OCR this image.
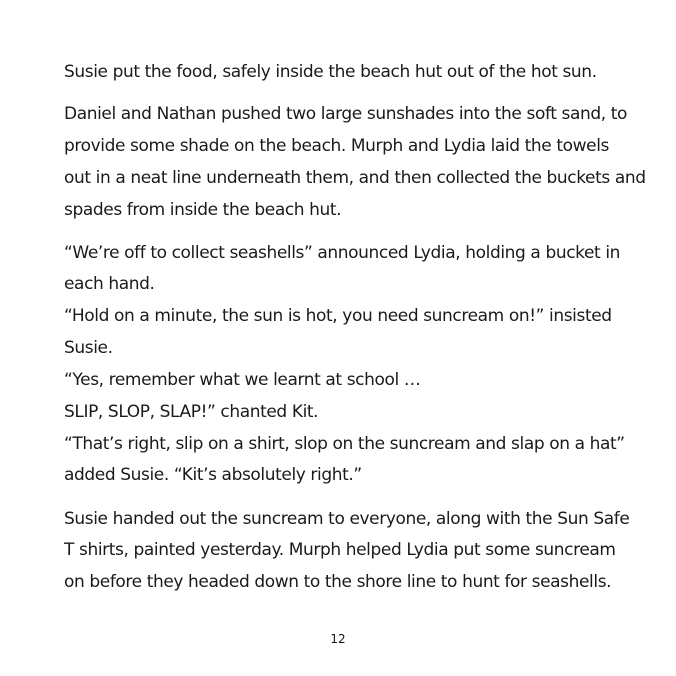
Susie put the food, safely inside the beach hut out of the hot sun.
Daniel and Nathan pushed two large sunshades into the soft sand, to
provide some shade on the beach. Murph and Lydia laid the towels
out in a neat line underneath them, and then collected the buckets and
spades from inside the beach hut.
“We’re off to collect seashells” announced Lydia, holding a bucket in
each hand.
“Hold on a minute, the sun is hot, you need suncream on!” insisted
Susie.
“Yes, remember what we learnt at school …
SLIP, SLOP, SLAP!” chanted Kit.
“That’s right, slip on a shirt, slop on the suncream and slap on a hat”
added Susie. “Kit’s absolutely right.”
Susie handed out the suncream to everyone, along with the Sun Safe
T shirts, painted yesterday. Murph helped Lydia put some suncream
on before they headed down to the shore line to hunt for seashells.
12
